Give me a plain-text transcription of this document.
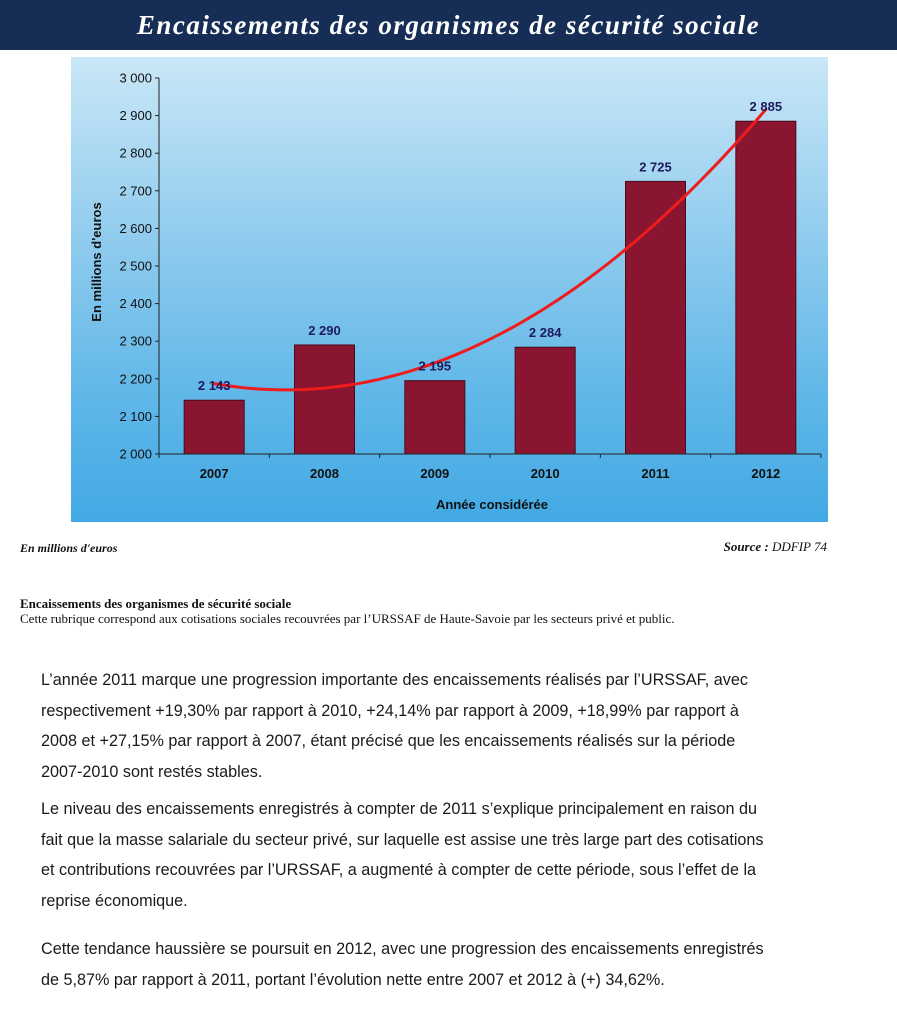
Encaissements des organismes de sécurité sociale
2 000
2 100
2 200
2 300
2 400
2 500
2 600
2 700
2 800
2 900
3 000
2 143
2 290
2 195
2 284
2 725
2 885
2007	2008	2009	2010	2011	2012
En millions d'euros
Année considérée
En millions d'euros	Source : DDFIP 74
Encaissements des organismes de sécurité sociale
Cette rubrique correspond aux cotisations sociales recouvrées par l’URSSAF de Haute-Savoie par les secteurs privé et public.

L’année 2011 marque une progression importante des encaissements réalisés par l’URSSAF, avec

respectivement +19,30% par rapport à 2010, +24,14% par rapport à 2009, +18,99% par rapport à

2008 et +27,15% par rapport à 2007, étant précisé que les encaissements réalisés sur la période

2007-2010 sont restés stables.

Le niveau des encaissements enregistrés à compter de 2011 s’explique principalement en raison du

fait que la masse salariale du secteur privé, sur laquelle est assise une très large part des cotisations

et contributions recouvrées par l’URSSAF, a augmenté à compter de cette période, sous l’effet de la

reprise économique.

Cette tendance haussière se poursuit en 2012, avec une progression des encaissements enregistrés

de 5,87% par rapport à 2011, portant l’évolution nette entre 2007 et 2012 à (+) 34,62%.
